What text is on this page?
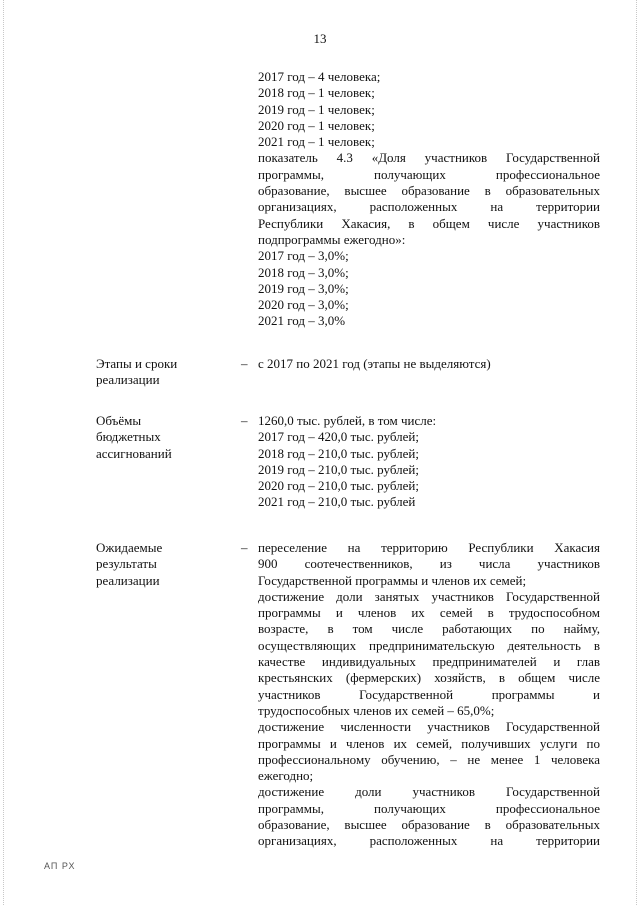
13
2017 год – 4 человека;
2018 год – 1 человек;
2019 год – 1 человек;
2020 год – 1 человек;
2021 год – 1 человек;
показатель 4.3 «Доля участников Государственной
программы, получающих профессиональное
образование, высшее образование в образовательных
организациях, расположенных на территории
Республики Хакасия, в общем числе участников
подпрограммы ежегодно»:
2017 год – 3,0%;
2018 год – 3,0%;
2019 год – 3,0%;
2020 год – 3,0%;
2021 год – 3,0%
Этапы и сроки
реализации
– с 2017 по 2021 год (этапы не выделяются)
Объёмы
бюджетных
ассигнований
– 1260,0 тыс. рублей, в том числе:
2017 год – 420,0 тыс. рублей;
2018 год – 210,0 тыс. рублей;
2019 год – 210,0 тыс. рублей;
2020 год – 210,0 тыс. рублей;
2021 год – 210,0 тыс. рублей
Ожидаемые
результаты
реализации
– переселение на территорию Республики Хакасия
900 соотечественников, из числа участников
Государственной программы и членов их семей;
достижение доли занятых участников Государственной
программы и членов их семей в трудоспособном
возрасте, в том числе работающих по найму,
осуществляющих предпринимательскую деятельность в
качестве индивидуальных предпринимателей и глав
крестьянских (фермерских) хозяйств, в общем числе
участников Государственной программы и
трудоспособных членов их семей – 65,0%;
достижение численности участников Государственной
программы и членов их семей, получивших услуги по
профессиональному обучению, – не менее 1 человека
ежегодно;
достижение доли участников Государственной
программы, получающих профессиональное
образование, высшее образование в образовательных
организациях, расположенных на территории
АП РХ
